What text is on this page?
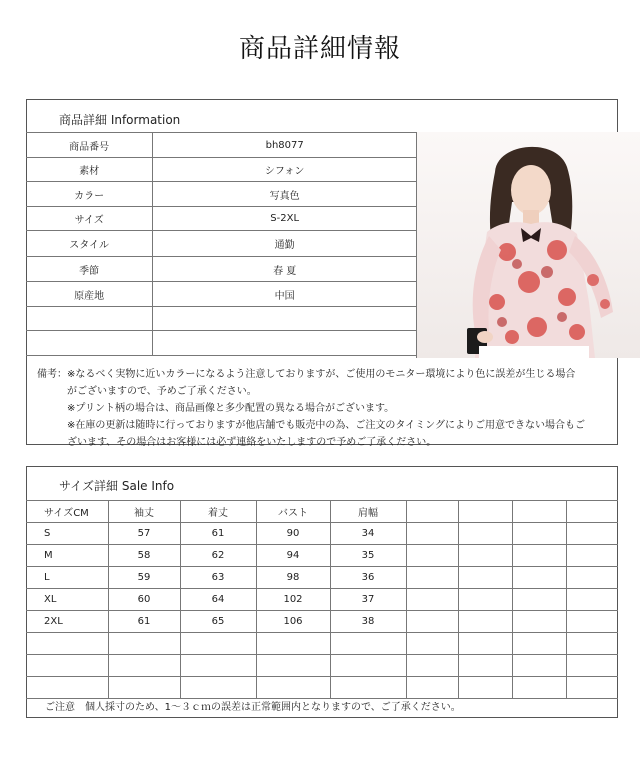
商品詳細情報
商品詳細 Information
商品番号	bh8077
素材	シフォン
カラー	写真色
サイズ	S-2XL
スタイル	通勤
季節	春 夏
原産地	中国

備考：※なるべく実物に近いカラーになるよう注意しておりますが、ご使用のモニター環境により色に誤差が生じる場合
　　　がございますので、予めご了承ください。
　　　※プリント柄の場合は、商品画像と多少配置の異なる場合がございます。
　　　※在庫の更新は随時に行っておりますが他店舗でも販売中の為、ご注文のタイミングによりご用意できない場合もご
　　　ざいます、その場合はお客様には必ず連絡をいたしますので予めご了承ください。
サイズ詳細 Sale Info
サイズCM	袖丈	着丈	バスト	肩幅				
S	57	61	90	34				
M	58	62	94	35				
L	59	63	98	36				
XL	60	64	102	37				
2XL	61	65	106	38				

ご注意　個人採寸のため、1～３ｃｍの誤差は正常範囲内となりますので、ご了承ください。
